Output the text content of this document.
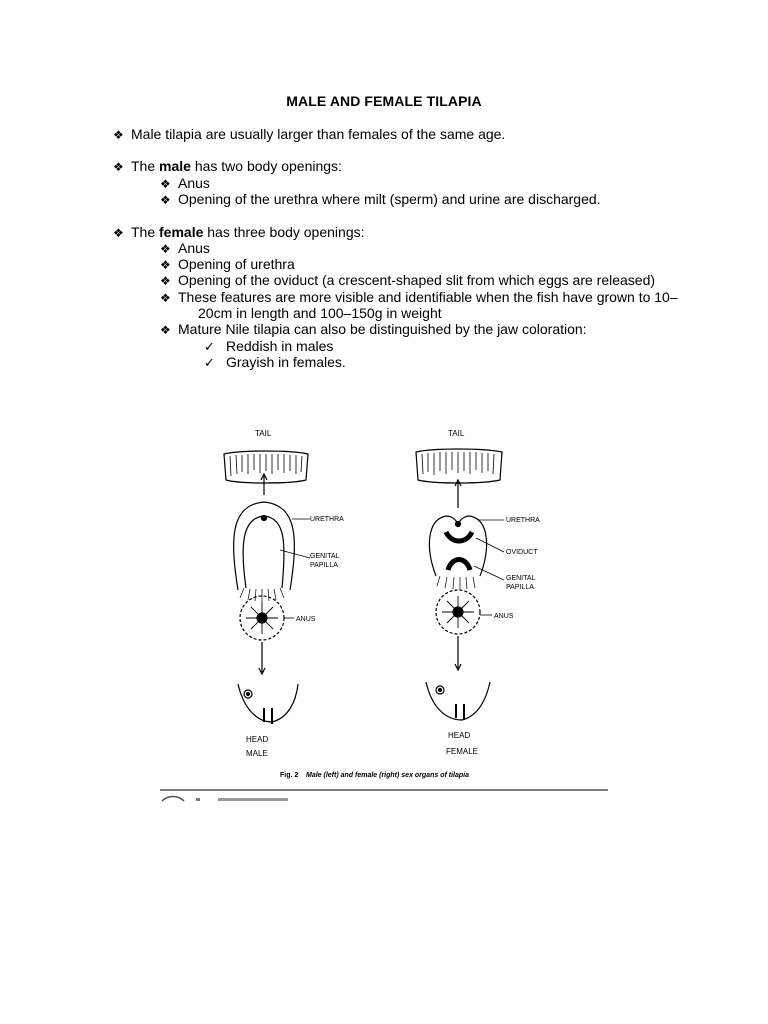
MALE AND FEMALE TILAPIA
❖ Male tilapia are usually larger than females of the same age.
❖ The male has two body openings:
❖ Anus
❖ Opening of the urethra where milt (sperm) and urine are discharged.
❖ The female has three body openings:
❖ Anus
❖ Opening of urethra
❖ Opening of the oviduct (a crescent-shaped slit from which eggs are released)
❖ These features are more visible and identifiable when the fish have grown to 10–
20cm in length and 100–150g in weight
❖ Mature Nile tilapia can also be distinguished by the jaw coloration:
✓ Reddish in males
✓ Grayish in females.
TAIL
URETHRA
GENITAL
PAPILLA
ANUS
HEAD
MALE
TAIL
URETHRA
OVIDUCT
GENITAL
PAPILLA
ANUS
HEAD
FEMALE
Fig. 2 Male (left) and female (right) sex organs of tilapia
